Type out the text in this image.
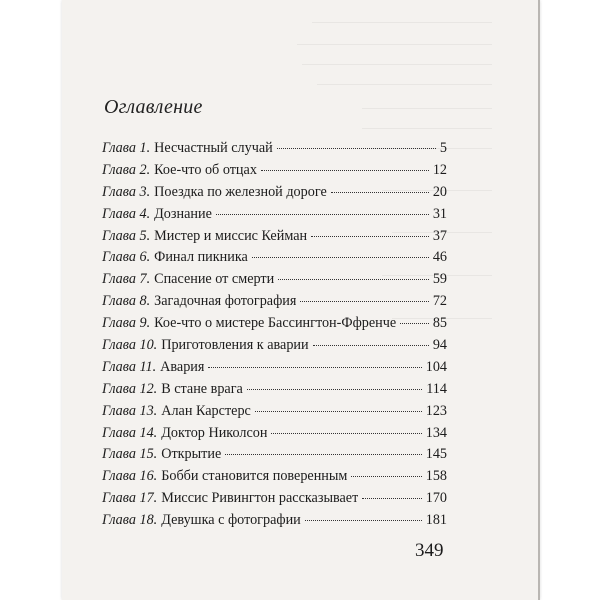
Оглавление
Глава 1. Несчастный случай	5
Глава 2. Кое-что об отцах	12
Глава 3. Поездка по железной дороге	20
Глава 4. Дознание	31
Глава 5. Мистер и миссис Кейман	37
Глава 6. Финал пикника	46
Глава 7. Спасение от смерти	59
Глава 8. Загадочная фотография	72
Глава 9. Кое-что о мистере Бассингтон-Ффренче	85
Глава 10. Приготовления к аварии	94
Глава 11. Авария	104
Глава 12. В стане врага	114
Глава 13. Алан Карстерс	123
Глава 14. Доктор Николсон	134
Глава 15. Открытие	145
Глава 16. Бобби становится поверенным	158
Глава 17. Миссис Ривингтон рассказывает	170
Глава 18. Девушка с фотографии	181

349
